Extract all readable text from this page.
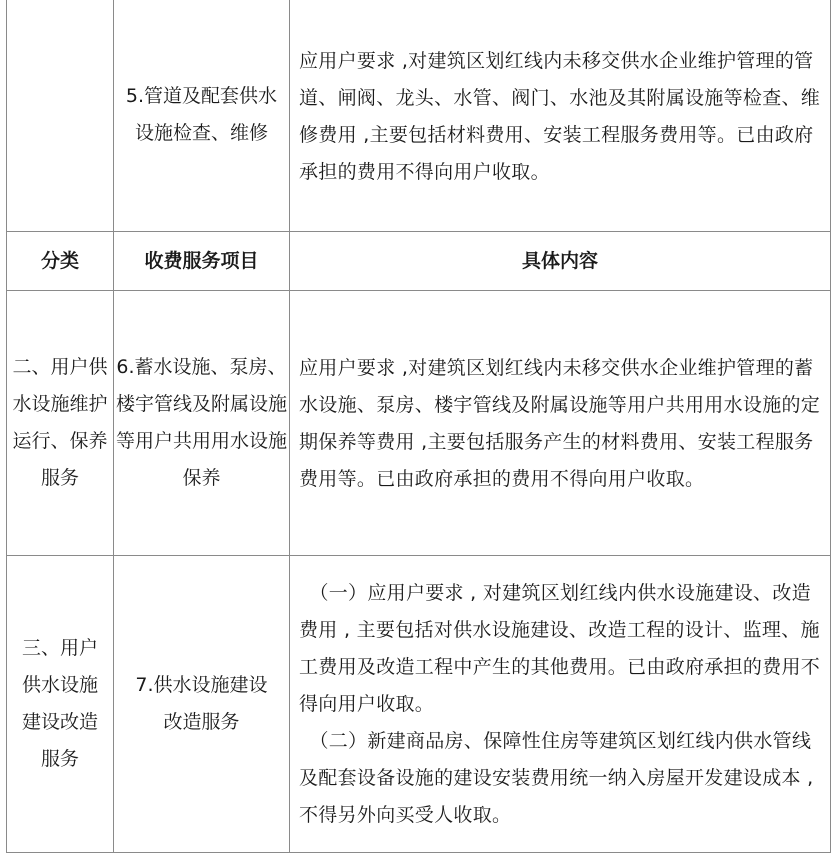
	5.管道及配套供水设施检查、维修	应用户要求 ,对建筑区划红线内未移交供水企业维护管理的管道、闸阀、龙头、水管、阀门、水池及其附属设施等检查、维修费用 ,主要包括材料费用、安装工程服务费用等。已由政府承担的费用不得向用户收取。

分类	收费服务项目	具体内容

二、用户供水设施维护运行、保养服务	6.蓄水设施、泵房、楼宇管线及附属设施等用户共用用水设施保养	应用户要求 ,对建筑区划红线内未移交供水企业维护管理的蓄水设施、泵房、楼宇管线及附属设施等用户共用用水设施的定期保养等费用 ,主要包括服务产生的材料费用、安装工程服务费用等。已由政府承担的费用不得向用户收取。

三、用户供水设施建设改造服务	7.供水设施建设改造服务	（一）应用户要求 , 对建筑区划红线内供水设施建设、改造费用 , 主要包括对供水设施建设、改造工程的设计、监理、施工费用及改造工程中产生的其他费用。已由政府承担的费用不得向用户收取。
（二）新建商品房、保障性住房等建筑区划红线内供水管线及配套设备设施的建设安装费用统一纳入房屋开发建设成本 , 不得另外向买受人收取。
